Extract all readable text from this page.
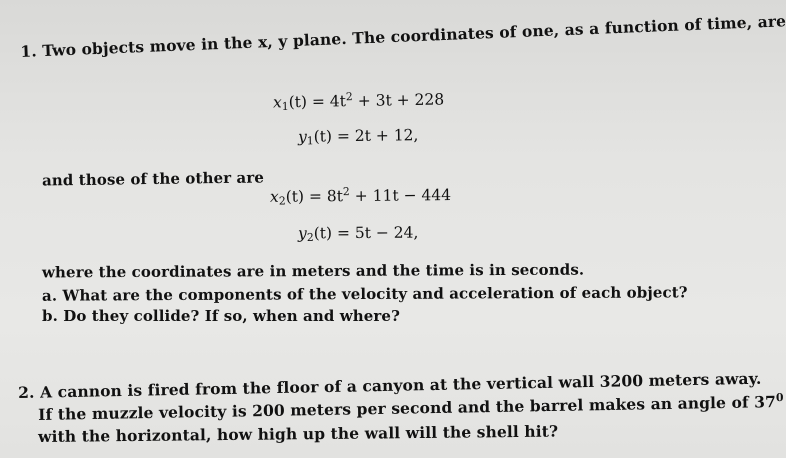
1. Two objects move in the x, y plane. The coordinates of one, as a function of time, are
$x_1(t) = 4t^2 + 3t + 228$
$y_1(t) = 2t + 12$,
and those of the other are
$x_2(t) = 8t^2 + 11t - 444$
$y_2(t) = 5t - 24$,
where the coordinates are in meters and the time is in seconds.
a. What are the components of the velocity and acceleration of each object?
b. Do they collide? If so, when and where?
2. A cannon is fired from the floor of a canyon at the vertical wall 3200 meters away.
If the muzzle velocity is 200 meters per second and the barrel makes an angle of $37^0$
with the horizontal, how high up the wall will the shell hit?
